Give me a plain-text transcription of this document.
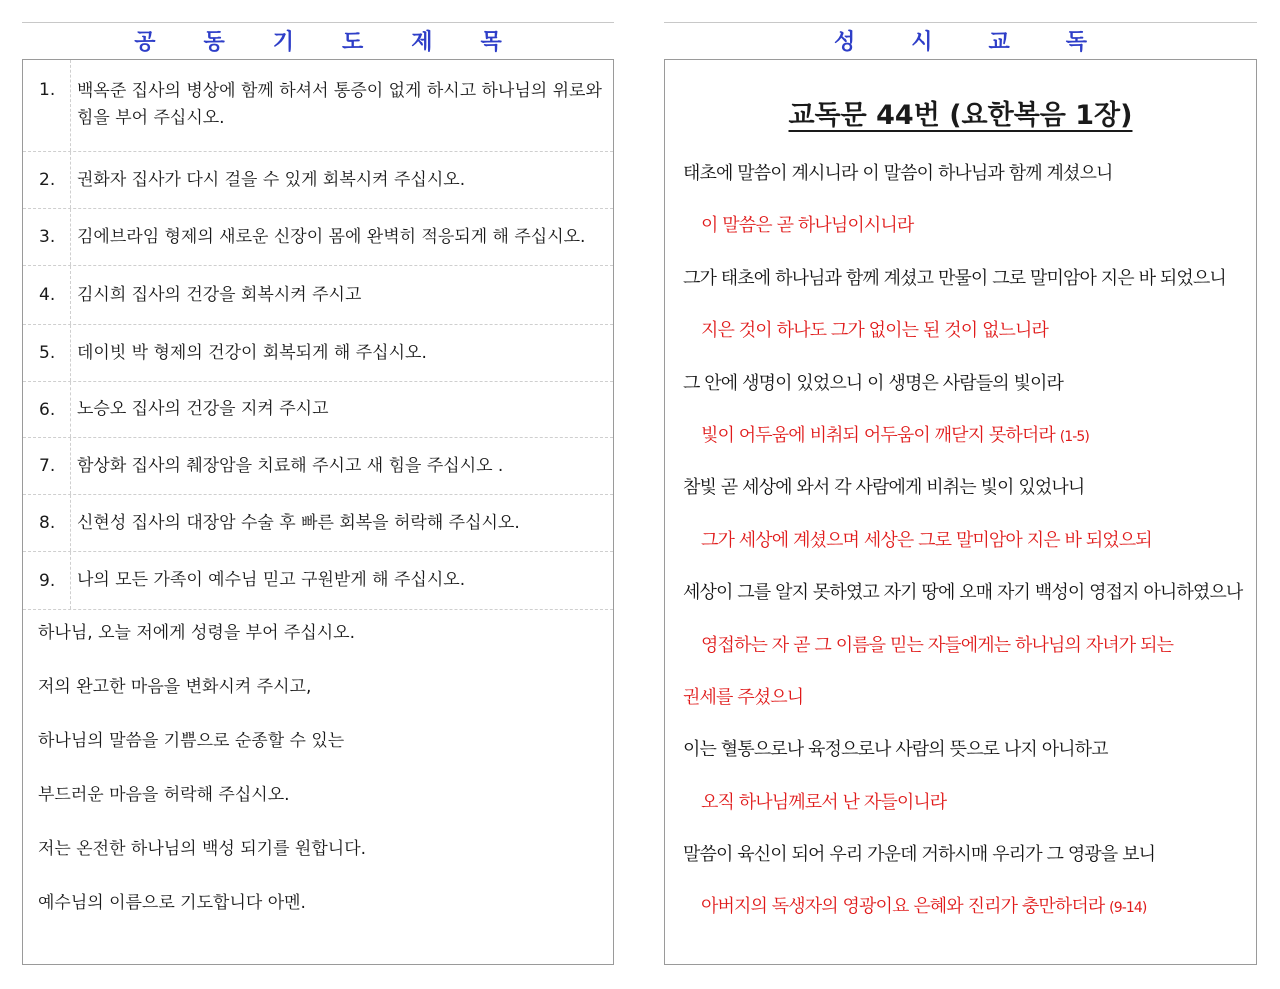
공 동 기 도 제 목
1.	백옥준 집사의 병상에 함께 하셔서 통증이 없게 하시고 하나님의 위로와 힘을 부어 주십시오.
2.	권화자 집사가 다시 걸을 수 있게 회복시켜 주십시오.
3.	김에브라임 형제의 새로운 신장이 몸에 완벽히 적응되게 해 주십시오.
4.	김시희 집사의 건강을 회복시켜 주시고
5.	데이빗 박 형제의 건강이 회복되게 해 주십시오.
6.	노승오 집사의 건강을 지켜 주시고
7.	함상화 집사의 췌장암을 치료해 주시고 새 힘을 주십시오 .
8.	신현성 집사의 대장암 수술 후 빠른 회복을 허락해 주십시오.
9.	나의 모든 가족이 예수님 믿고 구원받게 해 주십시오.
하나님, 오늘 저에게 성령을 부어 주십시오.
저의 완고한 마음을 변화시켜 주시고,
하나님의 말씀을 기쁨으로 순종할 수 있는
부드러운 마음을 허락해 주십시오.
저는 온전한 하나님의 백성 되기를 원합니다.
예수님의 이름으로 기도합니다 아멘.
성	시	교	독
교독문 44번 (요한복음 1장)
태초에 말씀이 계시니라 이 말씀이 하나님과 함께 계셨으니
이 말씀은 곧 하나님이시니라
그가 태초에 하나님과 함께 계셨고 만물이 그로 말미암아 지은 바 되었으니
지은 것이 하나도 그가 없이는 된 것이 없느니라
그 안에 생명이 있었으니 이 생명은 사람들의 빛이라
빛이 어두움에 비취되 어두움이 깨닫지 못하더라 (1-5)
참빛 곧 세상에 와서 각 사람에게 비취는 빛이 있었나니
그가 세상에 계셨으며 세상은 그로 말미암아 지은 바 되었으되
세상이 그를 알지 못하였고 자기 땅에 오매 자기 백성이 영접지 아니하였으나
영접하는 자 곧 그 이름을 믿는 자들에게는 하나님의 자녀가 되는
권세를 주셨으니
이는 혈통으로나 육정으로나 사람의 뜻으로 나지 아니하고
오직 하나님께로서 난 자들이니라
말씀이 육신이 되어 우리 가운데 거하시매 우리가 그 영광을 보니
아버지의 독생자의 영광이요 은혜와 진리가 충만하더라 (9-14)
